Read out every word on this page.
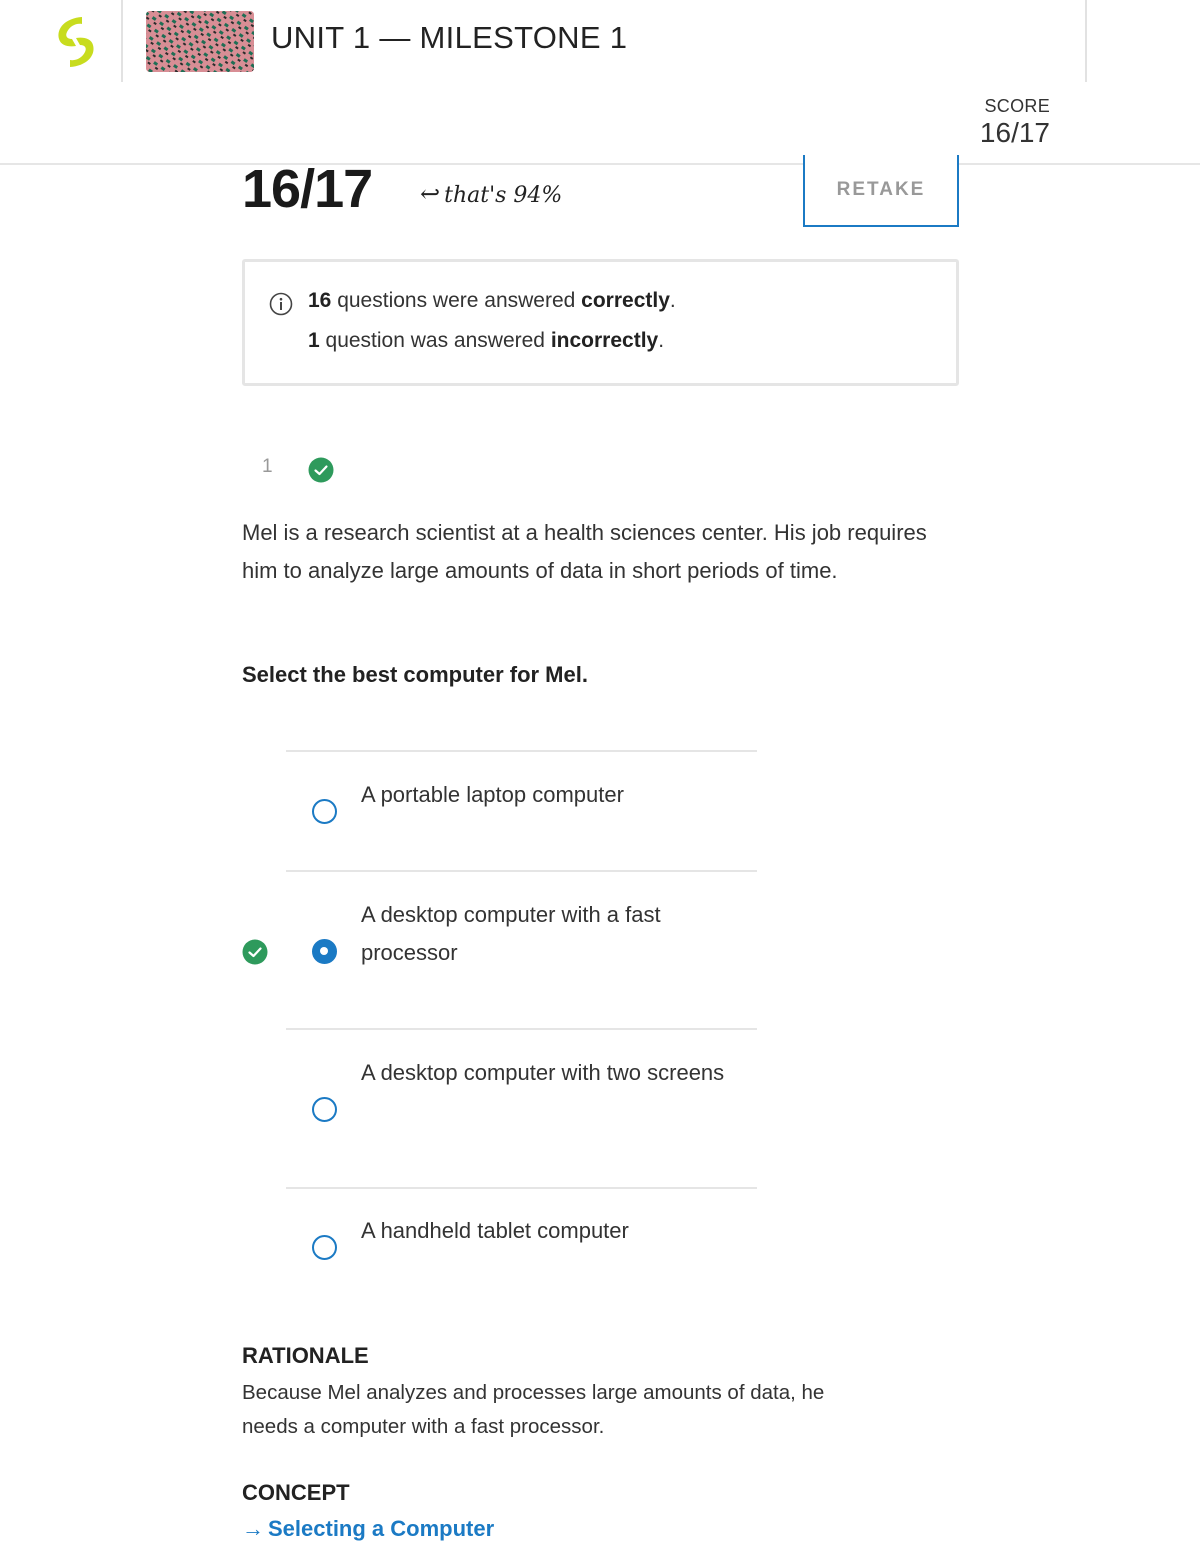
UNIT 1 — MILESTONE 1
SCORE
16/17
16/17 ↩ that's 94%	RETAKE
16 questions were answered correctly.
1 question was answered incorrectly.
1
Mel is a research scientist at a health sciences center. His job requires him to analyze large amounts of data in short periods of time.
Select the best computer for Mel.
A portable laptop computer
A desktop computer with a fast processor
A desktop computer with two screens
A handheld tablet computer
RATIONALE
Because Mel analyzes and processes large amounts of data, he needs a computer with a fast processor.
CONCEPT
→ Selecting a Computer
